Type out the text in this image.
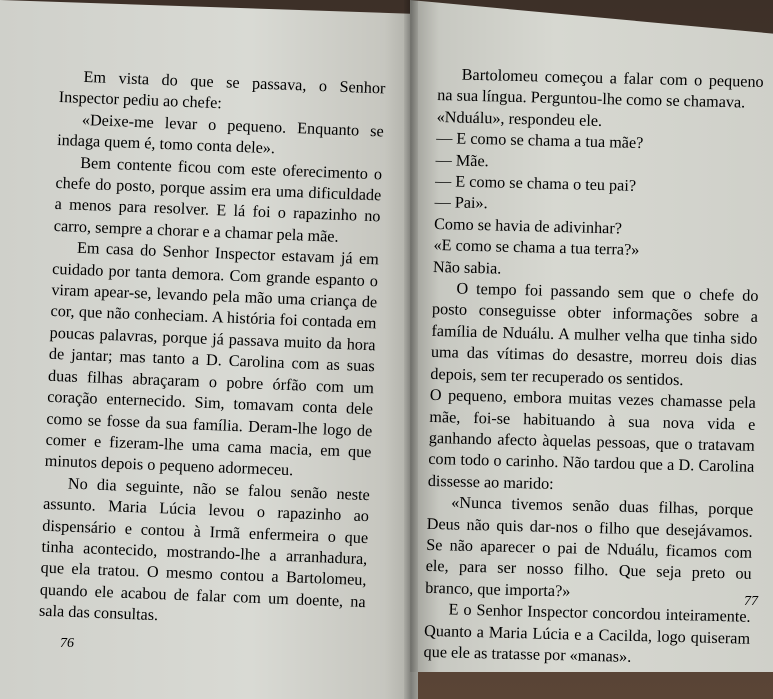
Em vista do que se passava, o Senhor Inspector pediu ao chefe:

«Deixe-me levar o pequeno. Enquanto se indaga quem é, tomo conta dele».

Bem contente ficou com este oferecimento o chefe do posto, porque assim era uma dificuldade a menos para resolver. E lá foi o rapazinho no carro, sempre a chorar e a chamar pela mãe.

Em casa do Senhor Inspector estavam já em cuidado por tanta demora. Com grande espanto o viram apear-se, levando pela mão uma criança de cor, que não conheciam. A história foi contada em poucas palavras, porque já passava muito da hora de jantar; mas tanto a D. Carolina com as suas duas filhas abraçaram o pobre órfão com um coração enternecido. Sim, tomavam conta dele como se fosse da sua família. Deram-lhe logo de comer e fizeram-lhe uma cama macia, em que minutos depois o pequeno adormeceu.

No dia seguinte, não se falou senão neste assunto. Maria Lúcia levou o rapazinho ao dispensário e contou à Irmã enfermeira o que tinha acontecido, mostrando-lhe a arranhadura, que ela tratou. O mesmo contou a Bartolomeu, quando ele acabou de falar com um doente, na sala das consultas.

Bartolomeu começou a falar com o pequeno na sua língua. Perguntou-lhe como se chamava.

«Nduálu», respondeu ele.

— E como se chama a tua mãe?

— Mãe.

— E como se chama o teu pai?

— Pai».

Como se havia de adivinhar?

«E como se chama a tua terra?»

Não sabia.

O tempo foi passando sem que o chefe do posto conseguisse obter informações sobre a família de Nduálu. A mulher velha que tinha sido uma das vítimas do desastre, morreu dois dias depois, sem ter recuperado os sentidos.

O pequeno, embora muitas vezes chamasse pela mãe, foi-se habituando à sua nova vida e ganhando afecto àquelas pessoas, que o tratavam com todo o carinho. Não tardou que a D. Carolina dissesse ao marido:

«Nunca tivemos senão duas filhas, porque Deus não quis dar-nos o filho que desejávamos. Se não aparecer o pai de Nduálu, ficamos com ele, para ser nosso filho. Que seja preto ou branco, que importa?»

E o Senhor Inspector concordou inteiramente. Quanto a Maria Lúcia e a Cacilda, logo quiseram que ele as tratasse por «manas».

76
77
